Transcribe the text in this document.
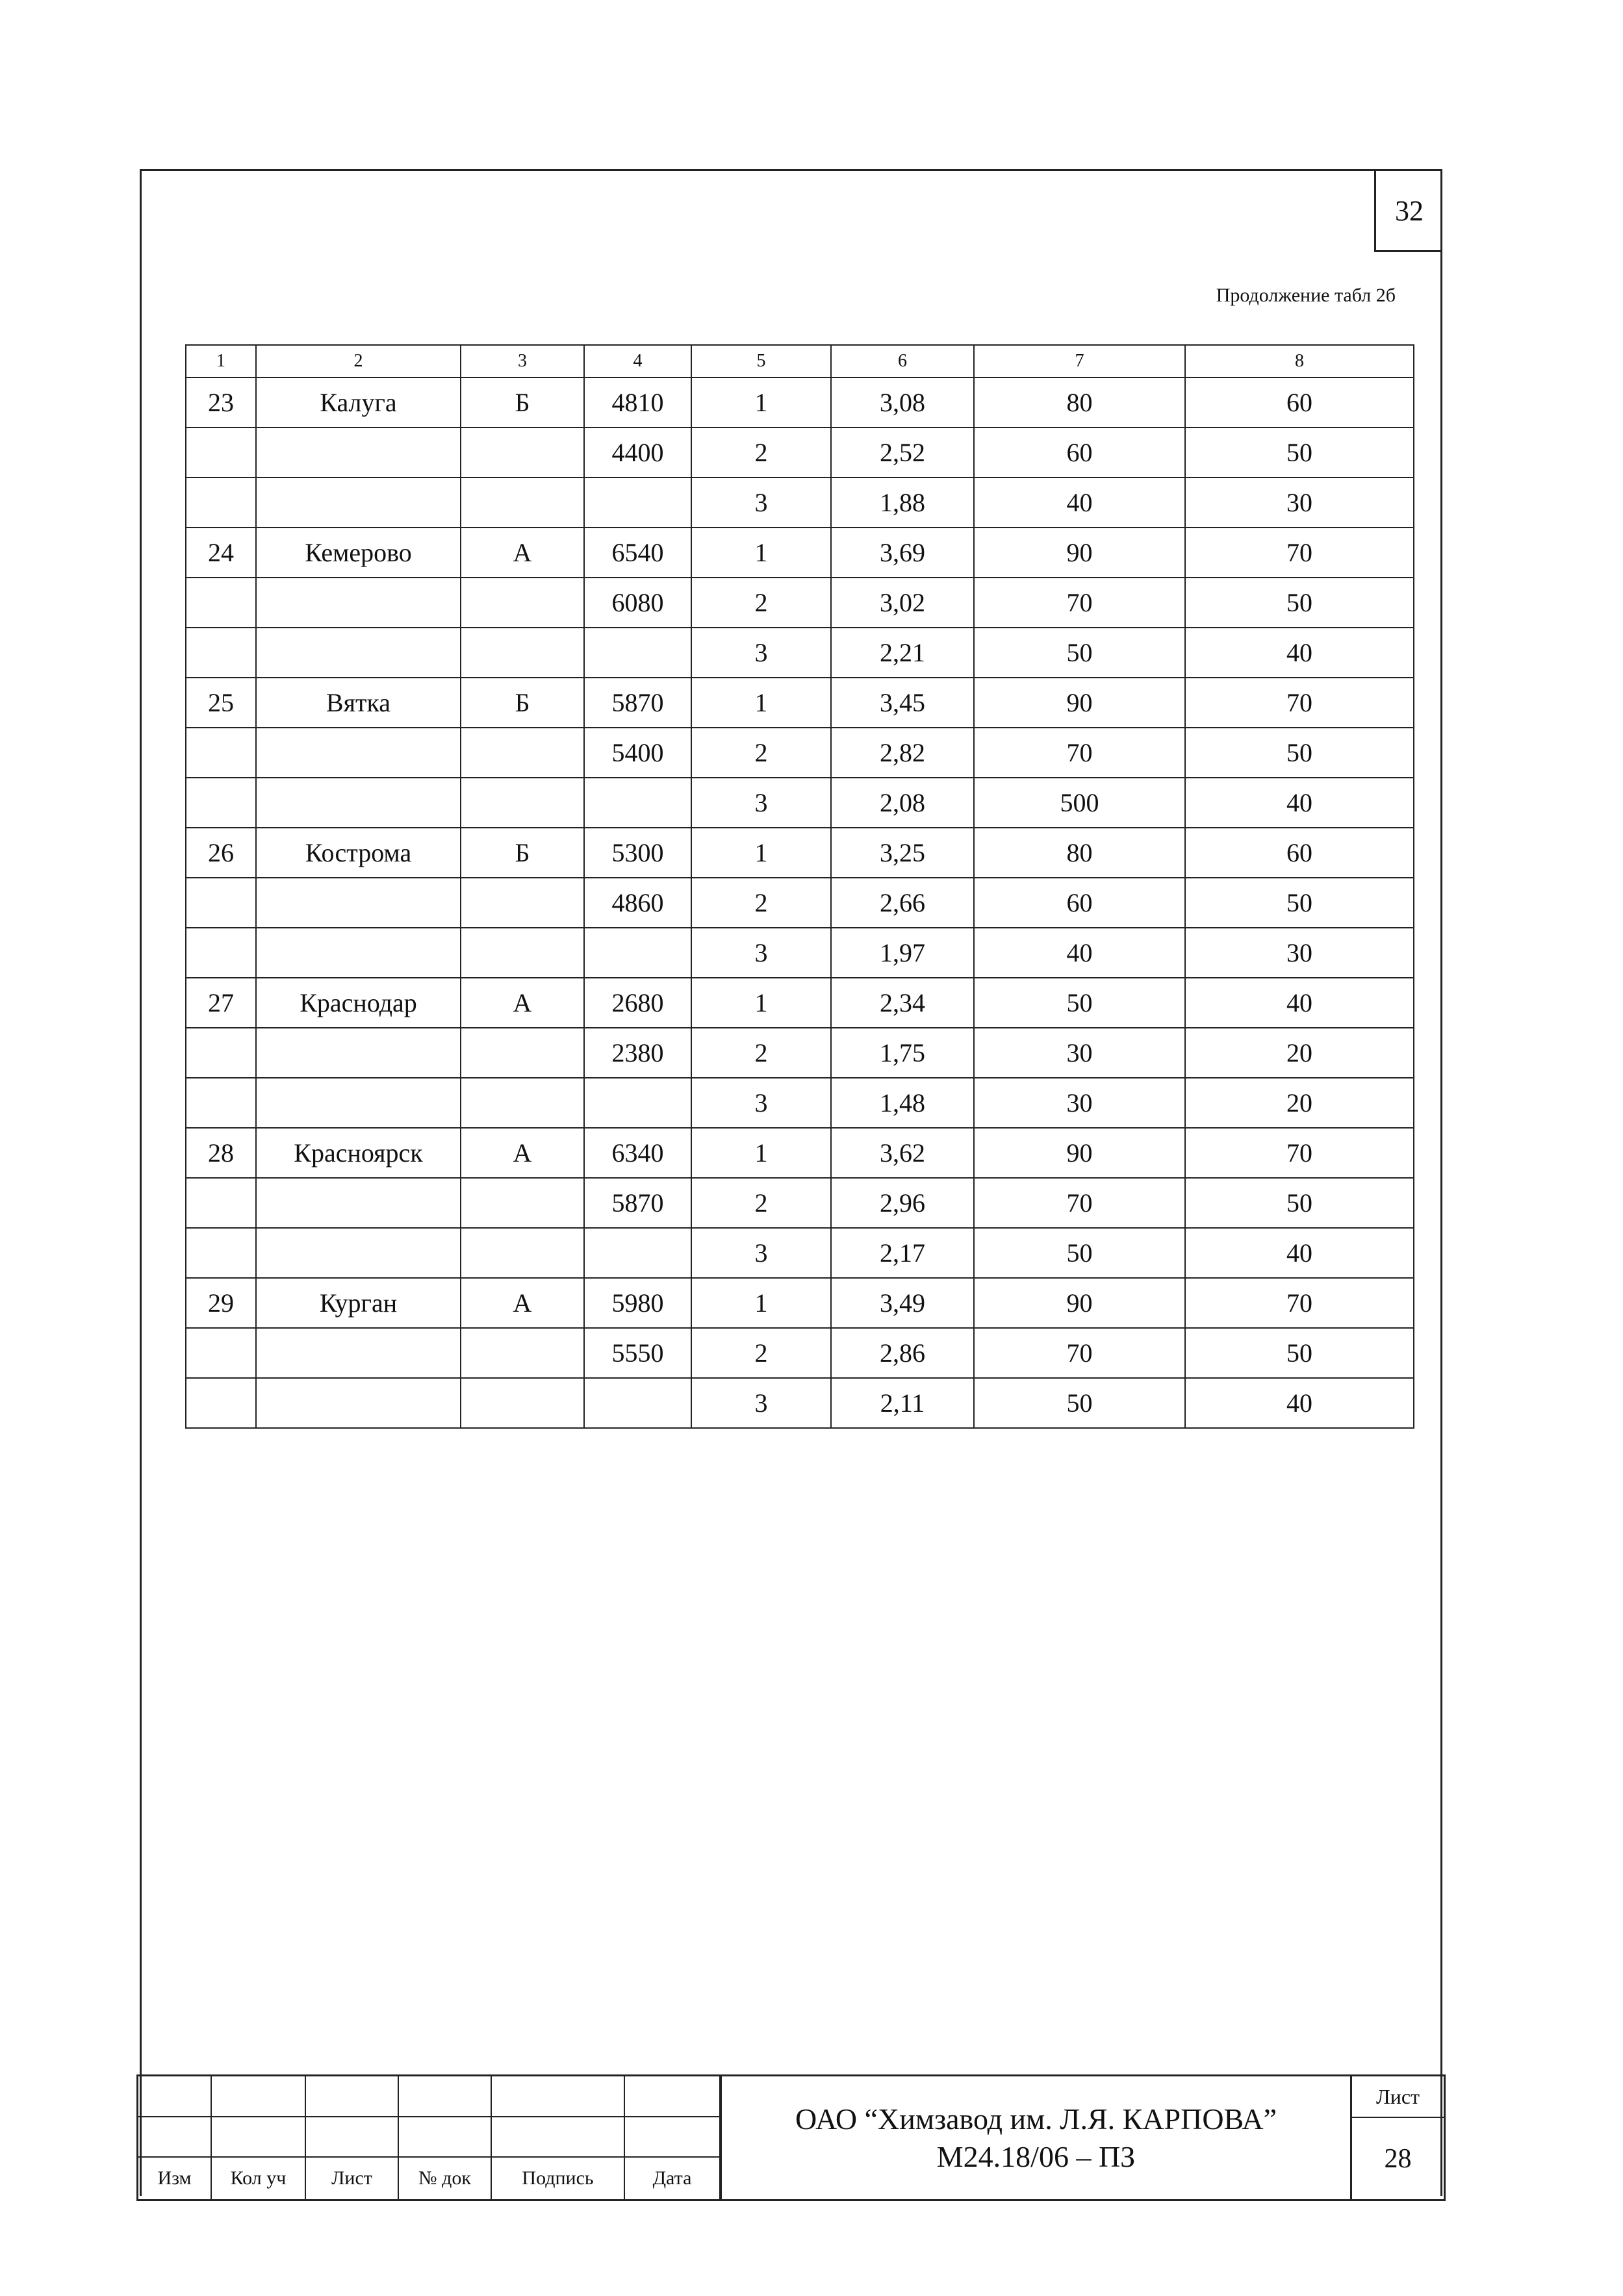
32
Продолжение табл 2б
1	2	3	4	5	6	7	8
23	Калуга	Б	4810	1	3,08	80	60
			4400	2	2,52	60	50
				3	1,88	40	30
24	Кемерово	А	6540	1	3,69	90	70
			6080	2	3,02	70	50
				3	2,21	50	40
25	Вятка	Б	5870	1	3,45	90	70
			5400	2	2,82	70	50
				3	2,08	500	40
26	Кострома	Б	5300	1	3,25	80	60
			4860	2	2,66	60	50
				3	1,97	40	30
27	Краснодар	А	2680	1	2,34	50	40
			2380	2	1,75	30	20
				3	1,48	30	20
28	Красноярск	А	6340	1	3,62	90	70
			5870	2	2,96	70	50
				3	2,17	50	40
29	Курган	А	5980	1	3,49	90	70
			5550	2	2,86	70	50
				3	2,11	50	40

Изм	Кол уч	Лист	№ док	Подпись	Дата
ОАО “Химзавод им. Л.Я. КАРПОВА”
М24.18/06 – ПЗ
Лист
28
